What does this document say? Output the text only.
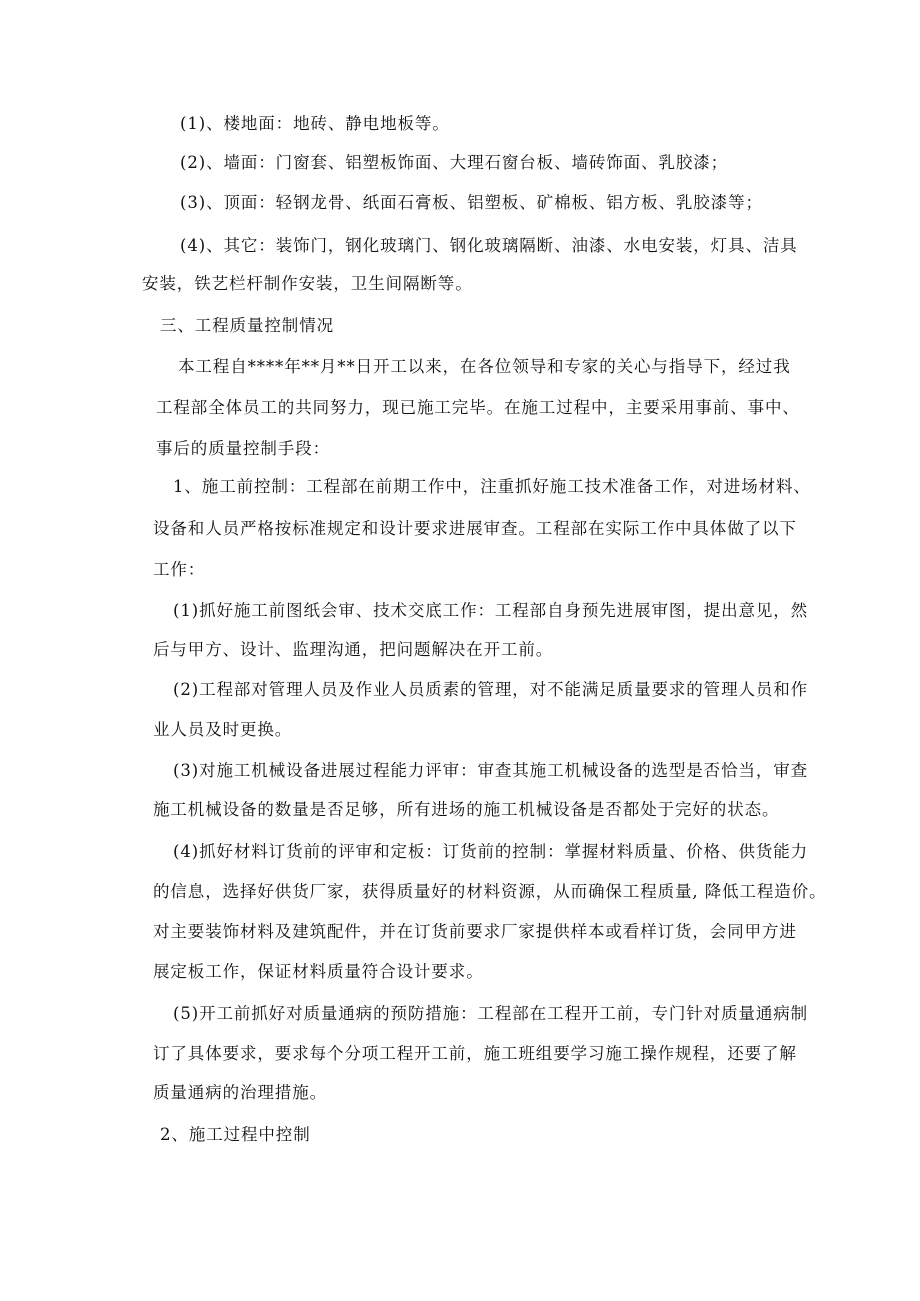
(1)、楼地面：地砖、静电地板等。
(2)、墙面：门窗套、铝塑板饰面、大理石窗台板、墙砖饰面、乳胶漆；
(3)、顶面：轻钢龙骨、纸面石膏板、铝塑板、矿棉板、铝方板、乳胶漆等；
(4)、其它：装饰门，钢化玻璃门、钢化玻璃隔断、油漆、水电安装，灯具、洁具
安装，铁艺栏杆制作安装，卫生间隔断等。
三、工程质量控制情况
本工程自****年**月**日开工以来，在各位领导和专家的关心与指导下，经过我
工程部全体员工的共同努力，现已施工完毕。在施工过程中，主要采用事前、事中、
事后的质量控制手段：
1、施工前控制：工程部在前期工作中，注重抓好施工技术准备工作，对进场材料、
设备和人员严格按标准规定和设计要求进展审查。工程部在实际工作中具体做了以下
工作：
(1)抓好施工前图纸会审、技术交底工作：工程部自身预先进展审图，提出意见，然
后与甲方、设计、监理沟通，把问题解决在开工前。
(2)工程部对管理人员及作业人员质素的管理，对不能满足质量要求的管理人员和作
业人员及时更换。
(3)对施工机械设备进展过程能力评审：审查其施工机械设备的选型是否恰当，审查
施工机械设备的数量是否足够，所有进场的施工机械设备是否都处于完好的状态。
(4)抓好材料订货前的评审和定板：订货前的控制：掌握材料质量、价格、供货能力
的信息，选择好供货厂家，获得质量好的材料资源，从而确保工程质量, 降低工程造价。
对主要装饰材料及建筑配件，并在订货前要求厂家提供样本或看样订货，会同甲方进
展定板工作，保证材料质量符合设计要求。
(5)开工前抓好对质量通病的预防措施：工程部在工程开工前，专门针对质量通病制
订了具体要求，要求每个分项工程开工前，施工班组要学习施工操作规程，还要了解
质量通病的治理措施。
2、施工过程中控制
